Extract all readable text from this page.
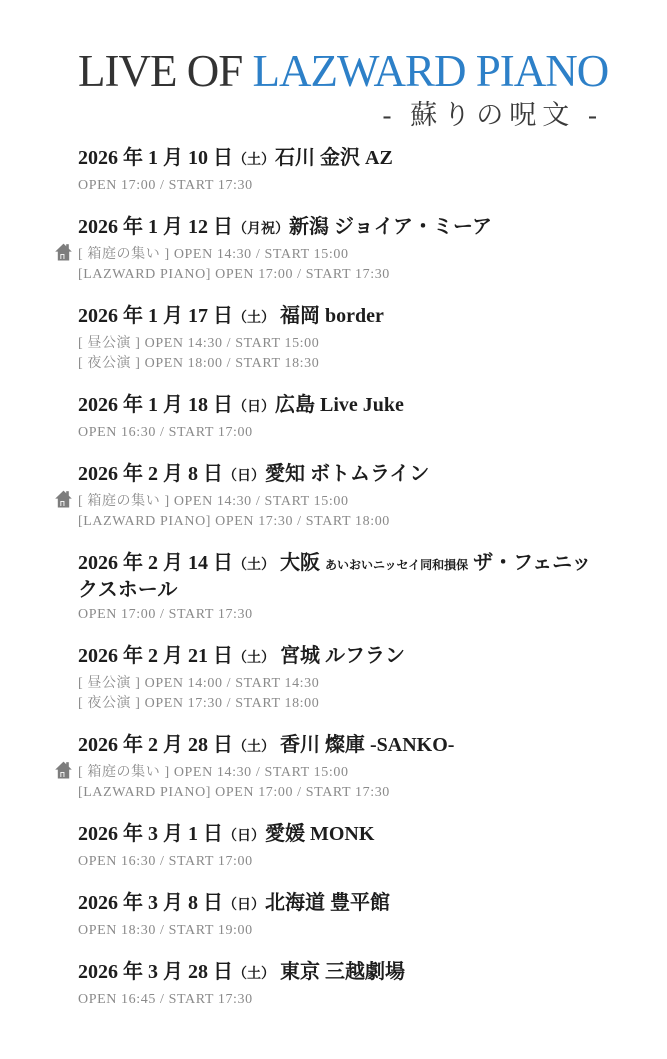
LIVE OF LAZWARD PIANO
- 蘇りの呪文 -
2026 年 1 月 10 日（土）石川 金沢 AZ

OPEN 17:00 / START 17:30

2026 年 1 月 12 日（月祝）新潟 ジョイア・ミーア

[ 箱庭の集い ] OPEN 14:30 / START 15:00

[LAZWARD PIANO] OPEN 17:00 / START 17:30

2026 年 1 月 17 日（土） 福岡 border

[ 昼公演 ] OPEN 14:30 / START 15:00

[ 夜公演 ] OPEN 18:00 / START 18:30

2026 年 1 月 18 日（日）広島 Live Juke

OPEN 16:30 / START 17:00

2026 年 2 月 8 日（日）愛知 ボトムライン

[ 箱庭の集い ] OPEN 14:30 / START 15:00

[LAZWARD PIANO] OPEN 17:30 / START 18:00

2026 年 2 月 14 日（土） 大阪 あいおいニッセイ同和損保 ザ・フェニックスホール

OPEN 17:00 / START 17:30

2026 年 2 月 21 日（土） 宮城 ルフラン

[ 昼公演 ] OPEN 14:00 / START 14:30

[ 夜公演 ] OPEN 17:30 / START 18:00

2026 年 2 月 28 日（土） 香川 燦庫 -SANKO-

[ 箱庭の集い ] OPEN 14:30 / START 15:00

[LAZWARD PIANO] OPEN 17:00 / START 17:30

2026 年 3 月 1 日（日）愛媛 MONK

OPEN 16:30 / START 17:00

2026 年 3 月 8 日（日）北海道 豊平館

OPEN 18:30 / START 19:00

2026 年 3 月 28 日（土） 東京 三越劇場

OPEN 16:45 / START 17:30
